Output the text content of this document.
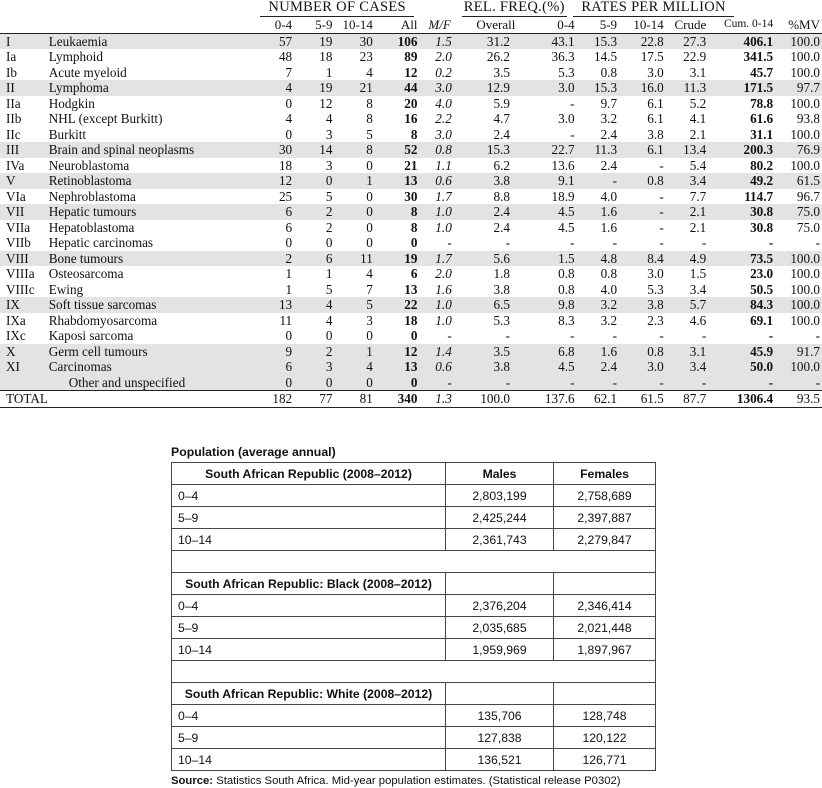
		NUMBER OF CASES					REL. FREQ.(%)	RATES PER MILLION					
		0-4	5-9	10-14	All	M/F	Overall	0-4	5-9	10-14	Crude	Cum. 0-14	%MV
I	Leukaemia	57	19	30	106	1.5	31.2	43.1	15.3	22.8	27.3	406.1	100.0
Ia	Lymphoid	48	18	23	89	2.0	26.2	36.3	14.5	17.5	22.9	341.5	100.0
Ib	Acute myeloid	7	1	4	12	0.2	3.5	5.3	0.8	3.0	3.1	45.7	100.0
II	Lymphoma	4	19	21	44	3.0	12.9	3.0	15.3	16.0	11.3	171.5	97.7
IIa	Hodgkin	0	12	8	20	4.0	5.9	-	9.7	6.1	5.2	78.8	100.0
IIb	NHL (except Burkitt)	4	4	8	16	2.2	4.7	3.0	3.2	6.1	4.1	61.6	93.8
IIc	Burkitt	0	3	5	8	3.0	2.4	-	2.4	3.8	2.1	31.1	100.0
III	Brain and spinal neoplasms	30	14	8	52	0.8	15.3	22.7	11.3	6.1	13.4	200.3	76.9
IVa	Neuroblastoma	18	3	0	21	1.1	6.2	13.6	2.4	-	5.4	80.2	100.0
V	Retinoblastoma	12	0	1	13	0.6	3.8	9.1	-	0.8	3.4	49.2	61.5
VIa	Nephroblastoma	25	5	0	30	1.7	8.8	18.9	4.0	-	7.7	114.7	96.7
VII	Hepatic tumours	6	2	0	8	1.0	2.4	4.5	1.6	-	2.1	30.8	75.0
VIIa	Hepatoblastoma	6	2	0	8	1.0	2.4	4.5	1.6	-	2.1	30.8	75.0
VIIb	Hepatic carcinomas	0	0	0	0	-	-	-	-	-	-	-	-
VIII	Bone tumours	2	6	11	19	1.7	5.6	1.5	4.8	8.4	4.9	73.5	100.0
VIIIa	Osteosarcoma	1	1	4	6	2.0	1.8	0.8	0.8	3.0	1.5	23.0	100.0
VIIIc	Ewing	1	5	7	13	1.6	3.8	0.8	4.0	5.3	3.4	50.5	100.0
IX	Soft tissue sarcomas	13	4	5	22	1.0	6.5	9.8	3.2	3.8	5.7	84.3	100.0
IXa	Rhabdomyosarcoma	11	4	3	18	1.0	5.3	8.3	3.2	2.3	4.6	69.1	100.0
IXc	Kaposi sarcoma	0	0	0	0	-	-	-	-	-	-	-	-
X	Germ cell tumours	9	2	1	12	1.4	3.5	6.8	1.6	0.8	3.1	45.9	91.7
XI	Carcinomas	6	3	4	13	0.6	3.8	4.5	2.4	3.0	3.4	50.0	100.0
	Other and unspecified	0	0	0	0	-	-	-	-	-	-	-	-
TOTAL		182	77	81	340	1.3	100.0	137.6	62.1	61.5	87.7	1306.4	93.5
Population (average annual)
South African Republic (2008–2012)	Males	Females
0–4	2,803,199	2,758,689
5–9	2,425,244	2,397,887
10–14	2,361,743	2,279,847

South African Republic: Black (2008–2012)		
0–4	2,376,204	2,346,414
5–9	2,035,685	2,021,448
10–14	1,959,969	1,897,967

South African Republic: White (2008–2012)		
0–4	135,706	128,748
5–9	127,838	120,122
10–14	136,521	126,771
Source: Statistics South Africa. Mid-year population estimates. (Statistical release P0302)
